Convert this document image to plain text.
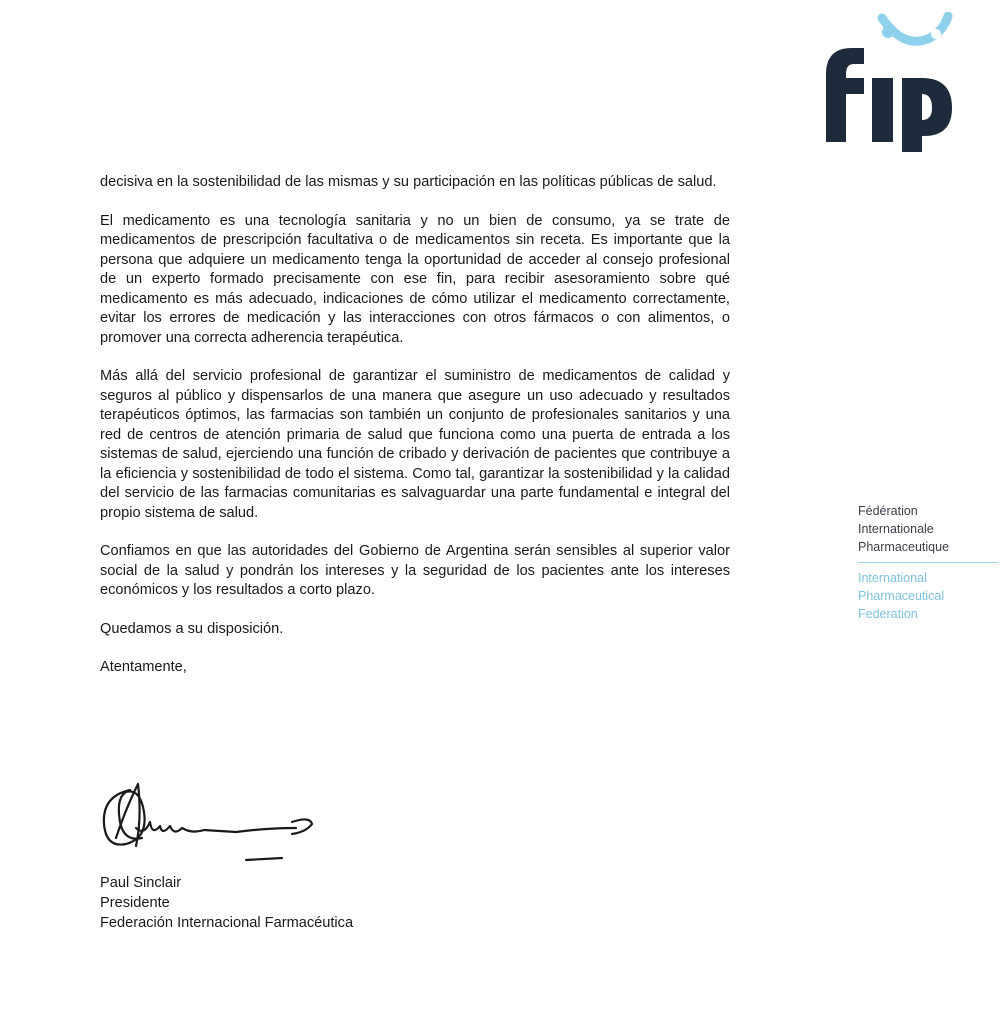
Fédération
Internationale
Pharmaceutique
International
Pharmaceutical
Federation

decisiva en la sostenibilidad de las mismas y su participación en las políticas públicas de salud.

El medicamento es una tecnología sanitaria y no un bien de consumo, ya se trate de medicamentos de prescripción facultativa o de medicamentos sin receta. Es importante que la persona que adquiere un medicamento tenga la oportunidad de acceder al consejo profesional de un experto formado precisamente con ese fin, para recibir asesoramiento sobre qué medicamento es más adecuado, indicaciones de cómo utilizar el medicamento correctamente, evitar los errores de medicación y las interacciones con otros fármacos o con alimentos, o promover una correcta adherencia terapéutica.

Más allá del servicio profesional de garantizar el suministro de medicamentos de calidad y seguros al público y dispensarlos de una manera que asegure un uso adecuado y resultados terapéuticos óptimos, las farmacias son también un conjunto de profesionales sanitarios y una red de centros de atención primaria de salud que funciona como una puerta de entrada a los sistemas de salud, ejerciendo una función de cribado y derivación de pacientes que contribuye a la eficiencia y sostenibilidad de todo el sistema. Como tal, garantizar la sostenibilidad y la calidad del servicio de las farmacias comunitarias es salvaguardar una parte fundamental e integral del propio sistema de salud.

Confiamos en que las autoridades del Gobierno de Argentina serán sensibles al superior valor social de la salud y pondrán los intereses y la seguridad de los pacientes ante los intereses económicos y los resultados a corto plazo.

Quedamos a su disposición.

Atentamente,

Paul Sinclair
Presidente
Federación Internacional Farmacéutica
